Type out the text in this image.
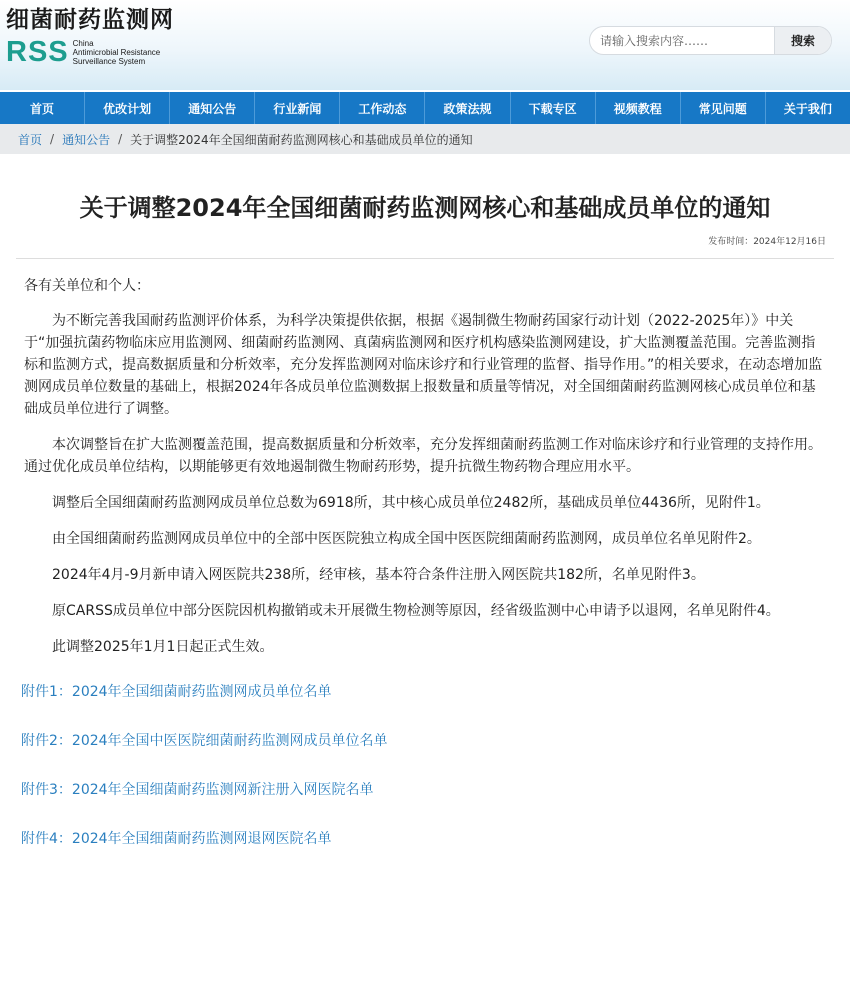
细菌耐药监测网
RSS China
Antimicrobial Resistance
Surveillance System
请输入搜索内容……
搜索
首页	优改计划	通知公告	行业新闻	工作动态	政策法规	下载专区	视频教程	常见问题	关于我们
首页 / 通知公告 / 关于调整2024年全国细菌耐药监测网核心和基础成员单位的通知
关于调整2024年全国细菌耐药监测网核心和基础成员单位的通知
发布时间：2024年12月16日
各有关单位和个人：
为不断完善我国耐药监测评价体系，为科学决策提供依据，根据《遏制微生物耐药国家行动计划（2022-2025年）》中关于“加强抗菌药物临床应用监测网、细菌耐药监测网、真菌病监测网和医疗机构感染监测网建设，扩大监测覆盖范围。完善监测指标和监测方式，提高数据质量和分析效率，充分发挥监测网对临床诊疗和行业管理的监督、指导作用。”的相关要求，在动态增加监测网成员单位数量的基础上，根据2024年各成员单位监测数据上报数量和质量等情况，对全国细菌耐药监测网核心成员单位和基础成员单位进行了调整。
本次调整旨在扩大监测覆盖范围，提高数据质量和分析效率，充分发挥细菌耐药监测工作对临床诊疗和行业管理的支持作用。通过优化成员单位结构，以期能够更有效地遏制微生物耐药形势，提升抗微生物药物合理应用水平。
调整后全国细菌耐药监测网成员单位总数为6918所，其中核心成员单位2482所，基础成员单位4436所，见附件1。
由全国细菌耐药监测网成员单位中的全部中医医院独立构成全国中医医院细菌耐药监测网，成员单位名单见附件2。
2024年4月-9月新申请入网医院共238所，经审核，基本符合条件注册入网医院共182所，名单见附件3。
原CARSS成员单位中部分医院因机构撤销或未开展微生物检测等原因，经省级监测中心申请予以退网，名单见附件4。
此调整2025年1月1日起正式生效。
附件1：2024年全国细菌耐药监测网成员单位名单
附件2：2024年全国中医医院细菌耐药监测网成员单位名单
附件3：2024年全国细菌耐药监测网新注册入网医院名单
附件4：2024年全国细菌耐药监测网退网医院名单
